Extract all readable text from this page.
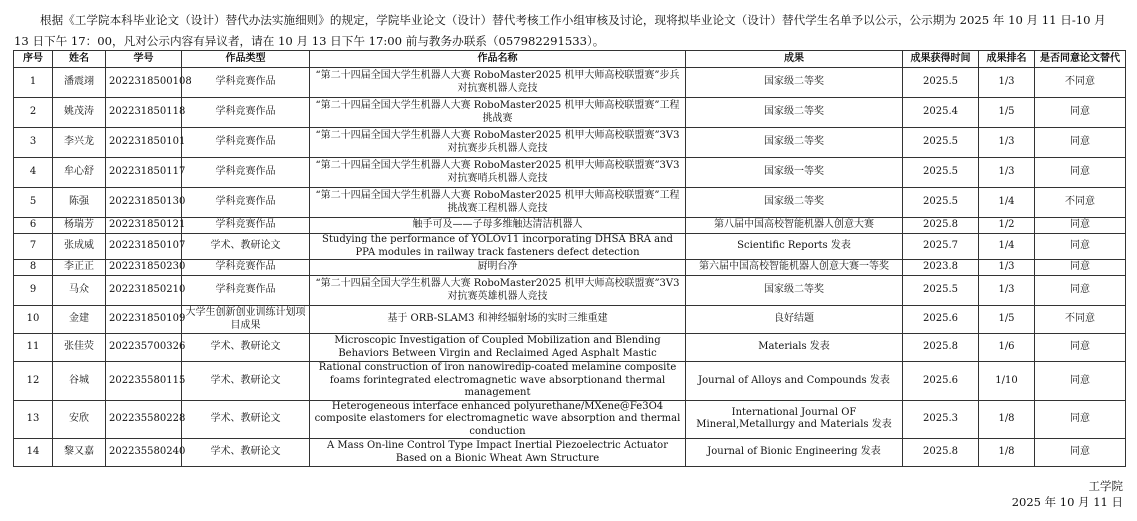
根据《工学院本科毕业论文（设计）替代办法实施细则》的规定，学院毕业论文（设计）替代考核工作小组审核及讨论，现将拟毕业论文（设计）替代学生名单予以公示，公示期为 2025 年 10 月 11 日-10 月 13 日下午 17：00，凡对公示内容有异议者，请在 10 月 13 日下午 17:00 前与教务办联系（057982291533）。

序号	姓名	学号	作品类型	作品名称	成果	成果获得时间	成果排名	是否同意论文替代
1	潘震翊	202231850010​8	学科竞赛作品	“第二十四届全国大学生机器人大赛 RoboMaster2025 机甲大师高校联盟赛”步兵对抗赛机器人竞技	国家级二等奖	2025.5	1/3	不同意
2	姚茂涛	202231850118	学科竞赛作品	“第二十四届全国大学生机器人大赛 RoboMaster2025 机甲大师高校联盟赛”工程挑战赛	国家级二等奖	2025.4	1/5	同意
3	李兴龙	202231850101	学科竞赛作品	“第二十四届全国大学生机器人大赛 RoboMaster2025 机甲大师高校联盟赛”3V3 对抗赛步兵机器人竞技	国家级二等奖	2025.5	1/3	同意
4	牟心舒	202231850117	学科竞赛作品	“第二十四届全国大学生机器人大赛 RoboMaster2025 机甲大师高校联盟赛”3V3 对抗赛哨兵机器人竞技	国家级一等奖	2025.5	1/3	同意
5	陈强	202231850130	学科竞赛作品	“第二十四届全国大学生机器人大赛 RoboMaster2025 机甲大师高校联盟赛”工程挑战赛工程机器人竞技	国家级二等奖	2025.5	1/4	不同意
6	杨瑞芳	202231850121	学科竞赛作品	触手可及——子母多维触达清洁机器人	第八届中国高校智能机器人创意大赛	2025.8	1/2	同意
7	张成威	202231850107	学术、教研论文	Studying the performance of YOLOv11 incorporating DHSA BRA and PPA modules in railway track fasteners defect detection	Scientific Reports 发表	2025.7	1/4	同意
8	李正正	202231850230	学科竞赛作品	厨明台净	第六届中国高校智能机器人创意大赛一等奖	2023.8	1/3	同意
9	马众	202231850210	学科竞赛作品	“第二十四届全国大学生机器人大赛 RoboMaster2025 机甲大师高校联盟赛”3V3 对抗赛英雄机器人竞技	国家级二等奖	2025.5	1/3	同意
10	金建	202231850109	大学生创新创业训练计划项目成果	基于 ORB-SLAM3 和神经辐射场的实时三维重建	良好结题	2025.6	1/5	不同意
11	张佳荧	202235700326	学术、教研论文	Microscopic Investigation of Coupled Mobilization and Blending Behaviors Between Virgin and Reclaimed Aged Asphalt Mastic	Materials 发表	2025.8	1/6	同意
12	谷城	202235580115	学术、教研论文	Rational construction of iron nanowiredip-coated melamine composite foams forintegrated electromagnetic wave absorptionand thermal management	Journal of Alloys and Compounds 发表	2025.6	1/10	同意
13	安欣	202235580228	学术、教研论文	Heterogeneous interface enhanced polyurethane/MXene@Fe3O4 composite elastomers for electromagnetic wave absorption and thermal conduction	International Journal OF Mineral,Metallurgy and Materials 发表	2025.3	1/8	同意
14	黎又嘉	202235580240	学术、教研论文	A Mass On-line Control Type Impact Inertial Piezoelectric Actuator Based on a Bionic Wheat Awn Structure	Journal of Bionic Engineering 发表	2025.8	1/8	同意
工学院
2025 年 10 月 11 日
